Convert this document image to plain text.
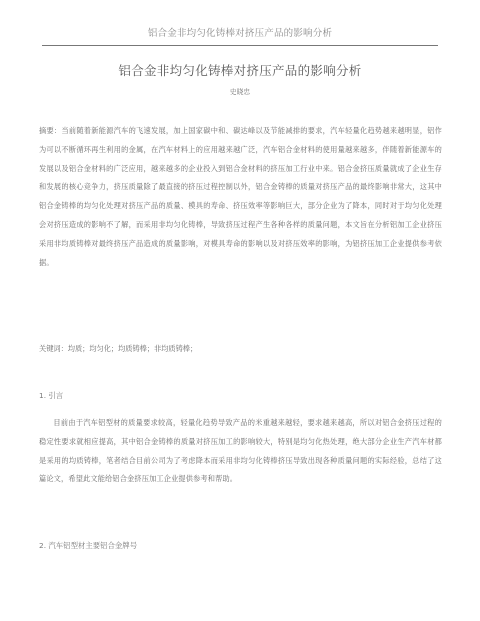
铝合金非均匀化铸棒对挤压产品的影响分析
铝合金非均匀化铸棒对挤压产品的影响分析
史晓忠

摘要：当前随着新能源汽车的飞速发展，加上国家碳中和、碳达峰以及节能减排的要求，汽车轻量化趋势越来越明显，铝作为可以不断循环再生利用的金属，在汽车材料上的应用越来越广泛，汽车铝合金材料的使用量越来越多，伴随着新能源车的发展以及铝合金材料的广泛应用，越来越多的企业投入到铝合金材料的挤压加工行业中来。铝合金挤压质量就成了企业生存和发展的核心竞争力，挤压质量除了最直接的挤压过程控制以外，铝合金铸棒的质量对挤压产品的最终影响非常大，这其中铝合金铸棒的均匀化处理对挤压产品的质量、模具的寿命、挤压效率等影响巨大，部分企业为了降本，同时对于均匀化处理会对挤压造成的影响不了解，而采用非均匀化铸棒，导致挤压过程产生各种各样的质量问题，本文旨在分析铝加工企业挤压采用非均质铸棒对最终挤压产品造成的质量影响，对模具寿命的影响以及对挤压效率的影响，为铝挤压加工企业提供参考依据。

关键词：均质；均匀化；均质铸棒；非均质铸棒；

1. 引言

目前由于汽车铝型材的质量要求较高，轻量化趋势导致产品的米重越来越轻，要求越来越高，所以对铝合金挤压过程的稳定性要求就相应提高，其中铝合金铸棒的质量对挤压加工的影响较大，特别是均匀化热处理，绝大部分企业生产汽车材都是采用的均质铸棒，笔者结合目前公司为了考虑降本而采用非均匀化铸棒挤压导致出现各种质量问题的实际经验，总结了这篇论文，希望此文能给铝合金挤压加工企业提供参考和帮助。

2. 汽车铝型材主要铝合金牌号
